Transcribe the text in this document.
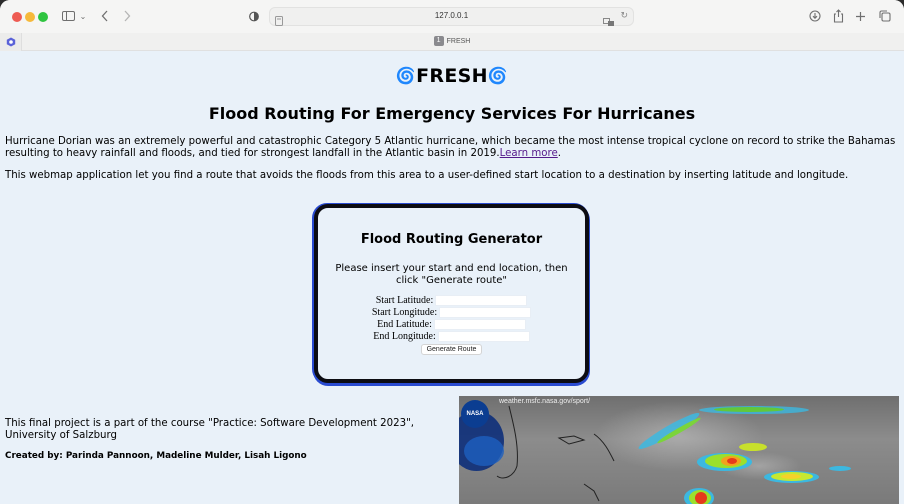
⌄	127.0.0.1	↻
1 FRESH
🌀FRESH🌀
Flood Routing For Emergency Services For Hurricanes

Hurricane Dorian was an extremely powerful and catastrophic Category 5 Atlantic hurricane, which became the most intense tropical cyclone on record to strike the Bahamas resulting to heavy rainfall and floods, and tied for strongest landfall in the Atlantic basin in 2019.Learn more.

This webmap application let you find a route that avoids the floods from this area to a user-defined start location to a destination by inserting latitude and longitude.

Flood Routing Generator
Please insert your start and end location, then click "Generate route"
Start Latitude:
Start Longitude:
End Latitude:
End Longitude:
Generate Route

This final project is a part of the course "Practice: Software Development 2023", University of Salzburg

Created by: Parinda Pannoon, Madeline Mulder, Lisah Ligono

NASA
weather.msfc.nasa.gov/sport/
